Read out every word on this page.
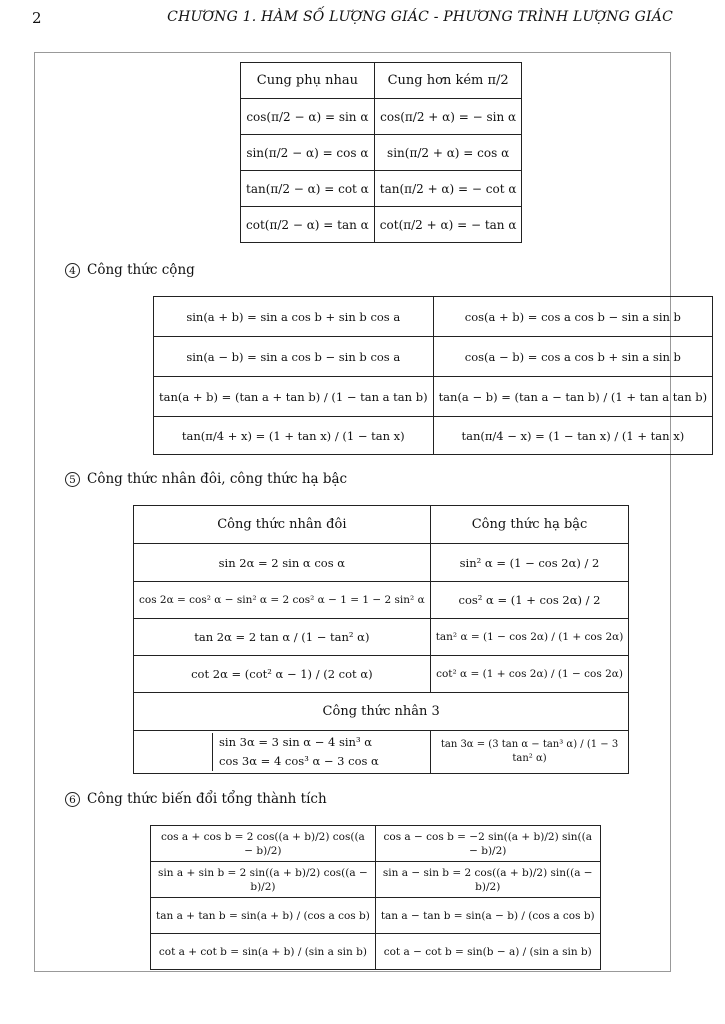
2	CHƯƠNG 1. HÀM SỐ LƯỢNG GIÁC - PHƯƠNG TRÌNH LƯỢNG GIÁC
Cung phụ nhau	Cung hơn kém π/2
cos(π/2 − α) = sin α	cos(π/2 + α) = − sin α
sin(π/2 − α) = cos α	sin(π/2 + α) = cos α
tan(π/2 − α) = cot α	tan(π/2 + α) = − cot α
cot(π/2 − α) = tan α	cot(π/2 + α) = − tan α
4 Công thức cộng
sin(a + b) = sin a cos b + sin b cos a	cos(a + b) = cos a cos b − sin a sin b
sin(a − b) = sin a cos b − sin b cos a	cos(a − b) = cos a cos b + sin a sin b
tan(a + b) = (tan a + tan b) / (1 − tan a tan b)	tan(a − b) = (tan a − tan b) / (1 + tan a tan b)
tan(π/4 + x) = (1 + tan x) / (1 − tan x)	tan(π/4 − x) = (1 − tan x) / (1 + tan x)
5 Công thức nhân đôi, công thức hạ bậc
Công thức nhân đôi	Công thức hạ bậc
sin 2α = 2 sin α cos α	sin² α = (1 − cos 2α) / 2
cos 2α = cos² α − sin² α = 2 cos² α − 1 = 1 − 2 sin² α	cos² α = (1 + cos 2α) / 2
tan 2α = 2 tan α / (1 − tan² α)	tan² α = (1 − cos 2α) / (1 + cos 2α)
cot 2α = (cot² α − 1) / (2 cot α)	cot² α = (1 + cos 2α) / (1 − cos 2α)
Công thức nhân 3	

sin 3α = 3 sin α − 4 sin³ α
cos 3α = 4 cos³ α − 3 cos α	tan 3α = (3 tan α − tan³ α) / (1 − 3 tan² α)
6 Công thức biến đổi tổng thành tích
cos a + cos b = 2 cos((a + b)/2) cos((a − b)/2)	cos a − cos b = −2 sin((a + b)/2) sin((a − b)/2)
sin a + sin b = 2 sin((a + b)/2) cos((a − b)/2)	sin a − sin b = 2 cos((a + b)/2) sin((a − b)/2)
tan a + tan b = sin(a + b) / (cos a cos b)	tan a − tan b = sin(a − b) / (cos a cos b)
cot a + cot b = sin(a + b) / (sin a sin b)	cot a − cot b = sin(b − a) / (sin a sin b)
